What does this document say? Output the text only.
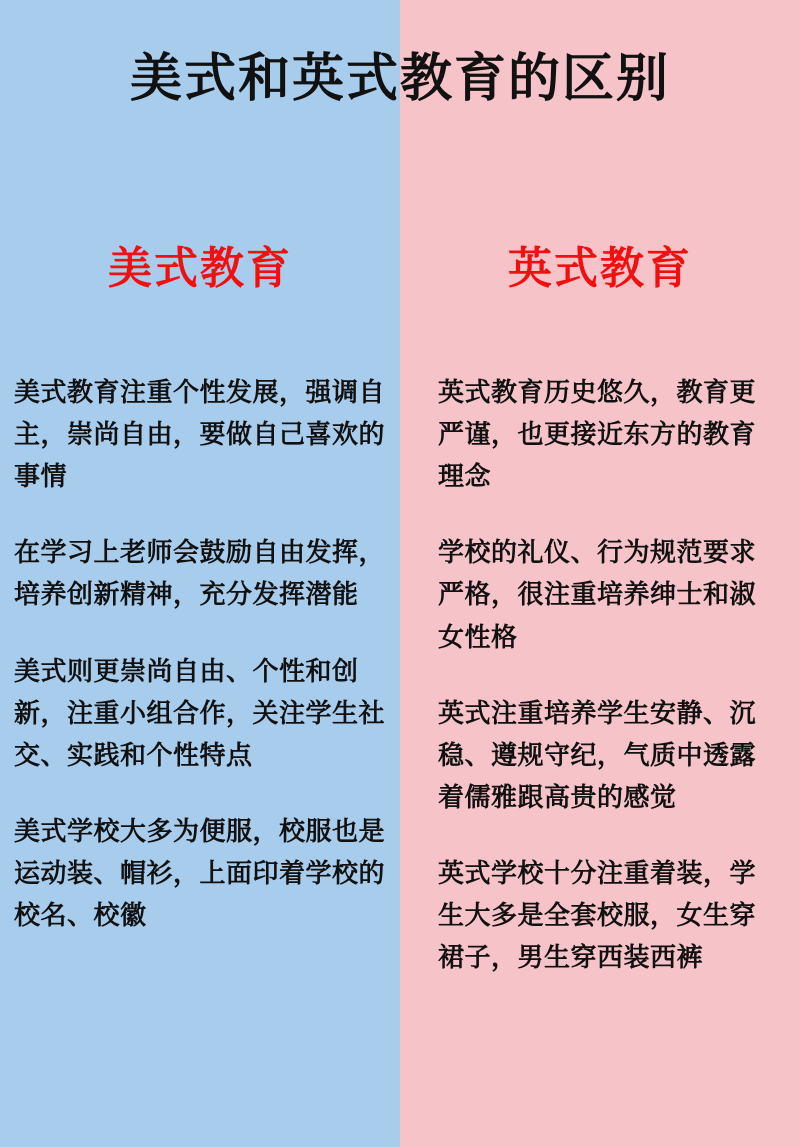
美式教育
美式教育注重个性发展，强调自主，崇尚自由，要做自己喜欢的事情
在学习上老师会鼓励自由发挥，培养创新精神，充分发挥潜能
美式则更崇尚自由、个性和创新，注重小组合作，关注学生社交、实践和个性特点
美式学校大多为便服，校服也是运动装、帽衫，上面印着学校的校名、校徽
英式教育
英式教育历史悠久，教育更严谨，也更接近东方的教育理念
学校的礼仪、行为规范要求严格，很注重培养绅士和淑女性格
英式注重培养学生安静、沉稳、遵规守纪，气质中透露着儒雅跟高贵的感觉
英式学校十分注重着装，学生大多是全套校服，女生穿裙子，男生穿西装西裤
美式和英式教育的区别
